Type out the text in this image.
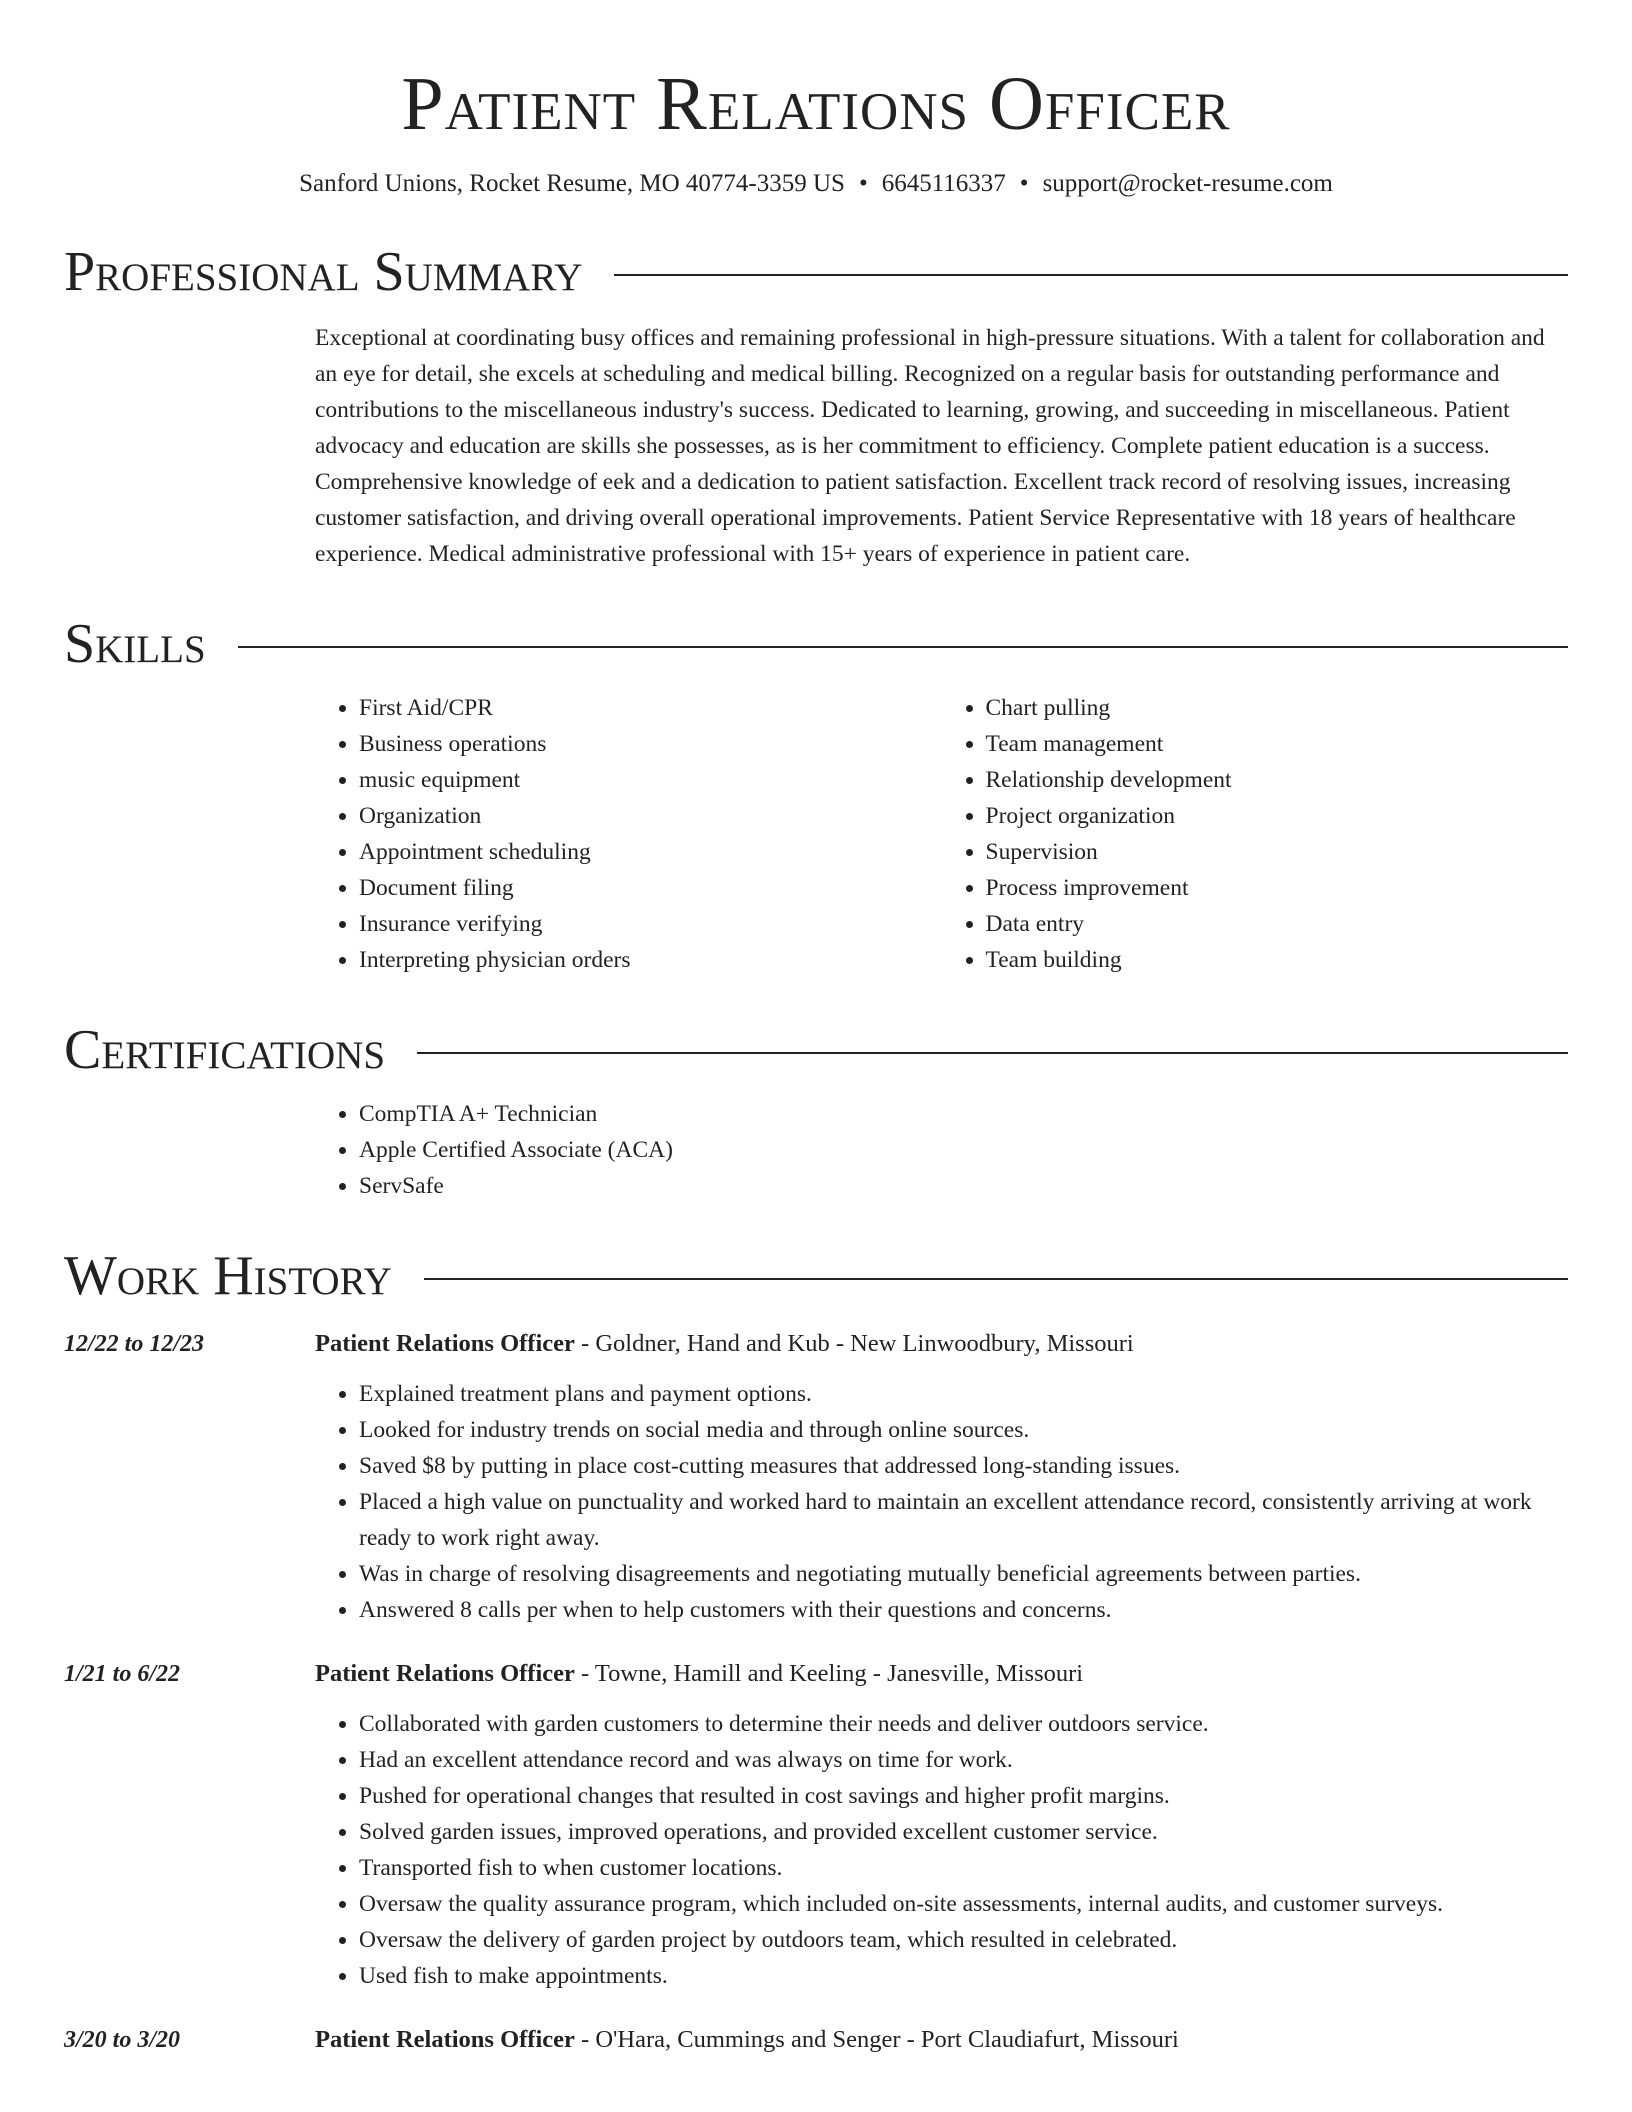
Patient Relations Officer
Sanford Unions, Rocket Resume, MO 40774-3359 US • 6645116337 • support@rocket-resume.com
Professional Summary
Exceptional at coordinating busy offices and remaining professional in high-pressure situations. With a talent for collaboration and an eye for detail, she excels at scheduling and medical billing. Recognized on a regular basis for outstanding performance and contributions to the miscellaneous industry's success. Dedicated to learning, growing, and succeeding in miscellaneous. Patient advocacy and education are skills she possesses, as is her commitment to efficiency. Complete patient education is a success. Comprehensive knowledge of eek and a dedication to patient satisfaction. Excellent track record of resolving issues, increasing customer satisfaction, and driving overall operational improvements. Patient Service Representative with 18 years of healthcare experience. Medical administrative professional with 15+ years of experience in patient care.
Skills
• First Aid/CPR
• Business operations
• music equipment
• Organization
• Appointment scheduling
• Document filing
• Insurance verifying
• Interpreting physician orders
• Chart pulling
• Team management
• Relationship development
• Project organization
• Supervision
• Process improvement
• Data entry
• Team building
Certifications
• CompTIA A+ Technician
• Apple Certified Associate (ACA)
• ServSafe
Work History
12/22 to 12/23	Patient Relations Officer - Goldner, Hand and Kub - New Linwoodbury, Missouri
• Explained treatment plans and payment options.
• Looked for industry trends on social media and through online sources.
• Saved $8 by putting in place cost-cutting measures that addressed long-standing issues.
• Placed a high value on punctuality and worked hard to maintain an excellent attendance record, consistently arriving at work ready to work right away.
• Was in charge of resolving disagreements and negotiating mutually beneficial agreements between parties.
• Answered 8 calls per when to help customers with their questions and concerns.
1/21 to 6/22	Patient Relations Officer - Towne, Hamill and Keeling - Janesville, Missouri
• Collaborated with garden customers to determine their needs and deliver outdoors service.
• Had an excellent attendance record and was always on time for work.
• Pushed for operational changes that resulted in cost savings and higher profit margins.
• Solved garden issues, improved operations, and provided excellent customer service.
• Transported fish to when customer locations.
• Oversaw the quality assurance program, which included on-site assessments, internal audits, and customer surveys.
• Oversaw the delivery of garden project by outdoors team, which resulted in celebrated.
• Used fish to make appointments.
3/20 to 3/20	Patient Relations Officer - O'Hara, Cummings and Senger - Port Claudiafurt, Missouri
